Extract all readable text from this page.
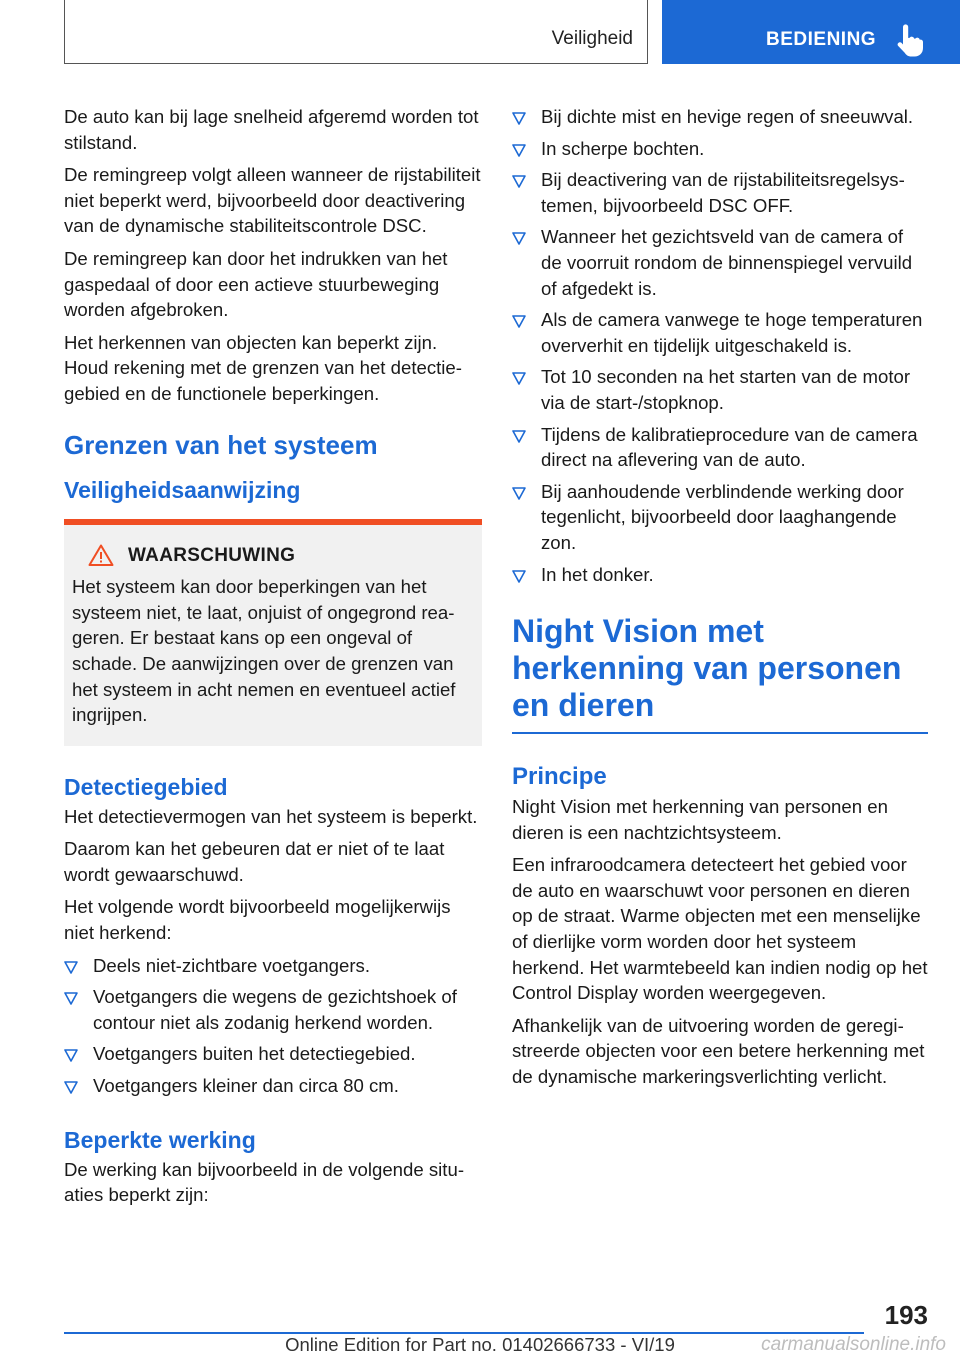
Veiligheid	BEDIENING

De auto kan bij lage snelheid afgeremd worden tot stilstand.

De remingreep volgt alleen wanneer de rijstabiliteit niet beperkt werd, bijvoorbeeld door deactivering van de dynamische stabiliteitscontrole DSC.

De remingreep kan door het indrukken van het gaspedaal of door een actieve stuurbeweging worden afgebroken.

Het herkennen van objecten kan beperkt zijn. Houd rekening met de grenzen van het detectiegebied en de functionele beperkingen.

Grenzen van het systeem
Veiligheidsaanwijzing
WAARSCHUWING
Het systeem kan door beperkingen van het systeem niet, te laat, onjuist of ongegrond reageren. Er bestaat kans op een ongeval of schade. De aanwijzingen over de grenzen van het systeem in acht nemen en eventueel actief ingrijpen.
Detectiegebied

Het detectievermogen van het systeem is beperkt.

Daarom kan het gebeuren dat er niet of te laat wordt gewaarschuwd.

Het volgende wordt bijvoorbeeld mogelijkerwijs niet herkend:

Deels niet-zichtbare voetgangers.
Voetgangers die wegens de gezichtshoek of contour niet als zodanig herkend worden.
Voetgangers buiten het detectiegebied.
Voetgangers kleiner dan circa 80 cm.
Beperkte werking

De werking kan bijvoorbeeld in de volgende situaties beperkt zijn:

Bij dichte mist en hevige regen of sneeuwval.
In scherpe bochten.
Bij deactivering van de rijstabiliteitsregelsystemen, bijvoorbeeld DSC OFF.
Wanneer het gezichtsveld van de camera of de voorruit rondom de binnenspiegel vervuild of afgedekt is.
Als de camera vanwege te hoge temperaturen oververhit en tijdelijk uitgeschakeld is.
Tot 10 seconden na het starten van de motor via de start-/stopknop.
Tijdens de kalibratieprocedure van de camera direct na aflevering van de auto.
Bij aanhoudende verblindende werking door tegenlicht, bijvoorbeeld door laaghangende zon.
In het donker.
Night Vision met herkenning van personen en dieren
Principe

Night Vision met herkenning van personen en dieren is een nachtzichtsysteem.

Een infraroodcamera detecteert het gebied voor de auto en waarschuwt voor personen en dieren op de straat. Warme objecten met een menselijke of dierlijke vorm worden door het systeem herkend. Het warmtebeeld kan indien nodig op het Control Display worden weergegeven.

Afhankelijk van de uitvoering worden de geregistreerde objecten voor een betere herkenning met de dynamische markeringsverlichting verlicht.

193
Online Edition for Part no. 01402666733 - VI/19	carmanualsonline.info
